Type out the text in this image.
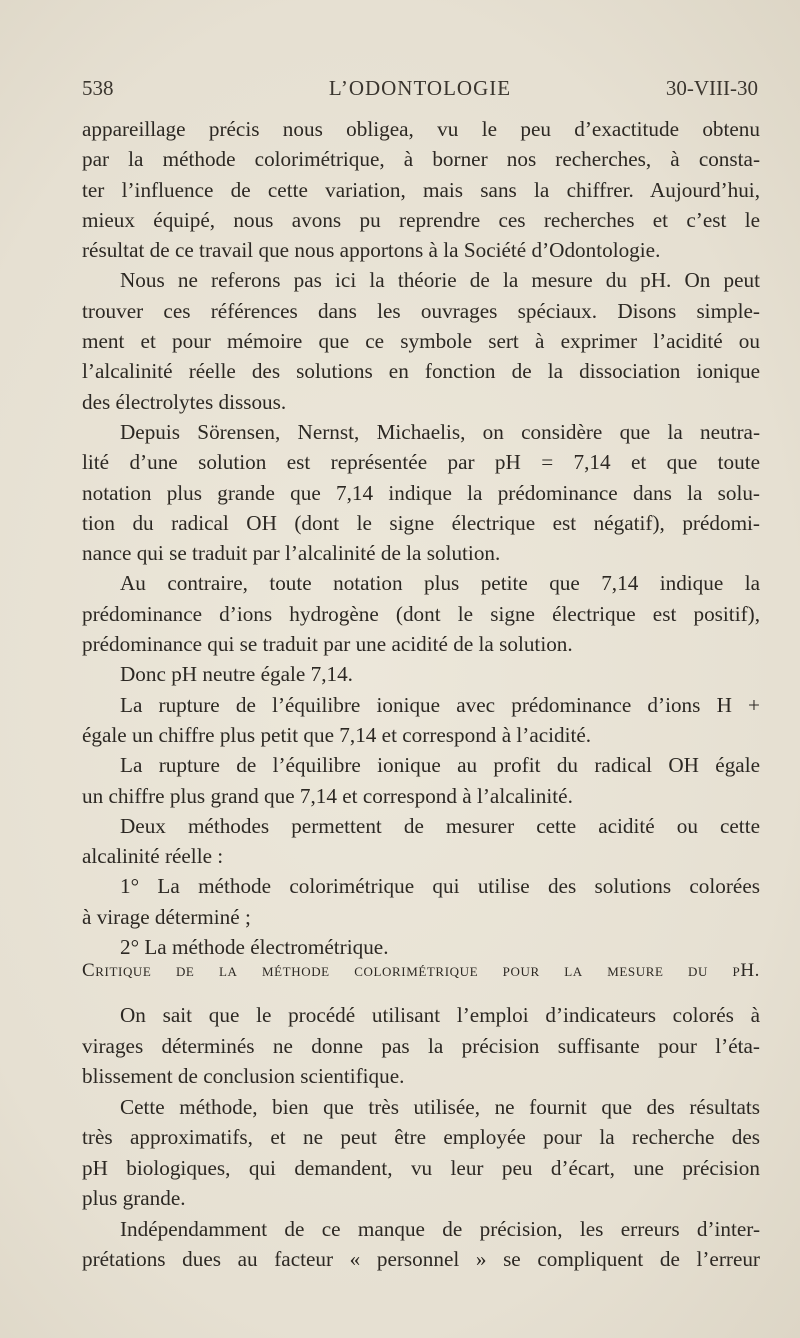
538	L’ODONTOLOGIE	30-VIII-30
appareillage précis nous obligea, vu le peu d’exactitude obtenu
par la méthode colorimétrique, à borner nos recherches, à consta-
ter l’influence de cette variation, mais sans la chiffrer. Aujourd’hui,
mieux équipé, nous avons pu reprendre ces recherches et c’est le
résultat de ce travail que nous apportons à la Société d’Odontologie.
Nous ne referons pas ici la théorie de la mesure du pH. On peut
trouver ces références dans les ouvrages spéciaux. Disons simple-
ment et pour mémoire que ce symbole sert à exprimer l’acidité ou
l’alcalinité réelle des solutions en fonction de la dissociation ionique
des électrolytes dissous.
Depuis Sörensen, Nernst, Michaelis, on considère que la neutra-
lité d’une solution est représentée par pH = 7,14 et que toute
notation plus grande que 7,14 indique la prédominance dans la solu-
tion du radical OH (dont le signe électrique est négatif), prédomi-
nance qui se traduit par l’alcalinité de la solution.
Au contraire, toute notation plus petite que 7,14 indique la
prédominance d’ions hydrogène (dont le signe électrique est positif),
prédominance qui se traduit par une acidité de la solution.
Donc pH neutre égale 7,14.
La rupture de l’équilibre ionique avec prédominance d’ions H +
égale un chiffre plus petit que 7,14 et correspond à l’acidité.
La rupture de l’équilibre ionique au profit du radical OH égale
un chiffre plus grand que 7,14 et correspond à l’alcalinité.
Deux méthodes permettent de mesurer cette acidité ou cette
alcalinité réelle :
1° La méthode colorimétrique qui utilise des solutions colorées
à virage déterminé ;
2° La méthode électrométrique.
Critique de la méthode colorimétrique pour la mesure du pH.
On sait que le procédé utilisant l’emploi d’indicateurs colorés à
virages déterminés ne donne pas la précision suffisante pour l’éta-
blissement de conclusion scientifique.
Cette méthode, bien que très utilisée, ne fournit que des résultats
très approximatifs, et ne peut être employée pour la recherche des
pH biologiques, qui demandent, vu leur peu d’écart, une précision
plus grande.
Indépendamment de ce manque de précision, les erreurs d’inter-
prétations dues au facteur « personnel » se compliquent de l’erreur
